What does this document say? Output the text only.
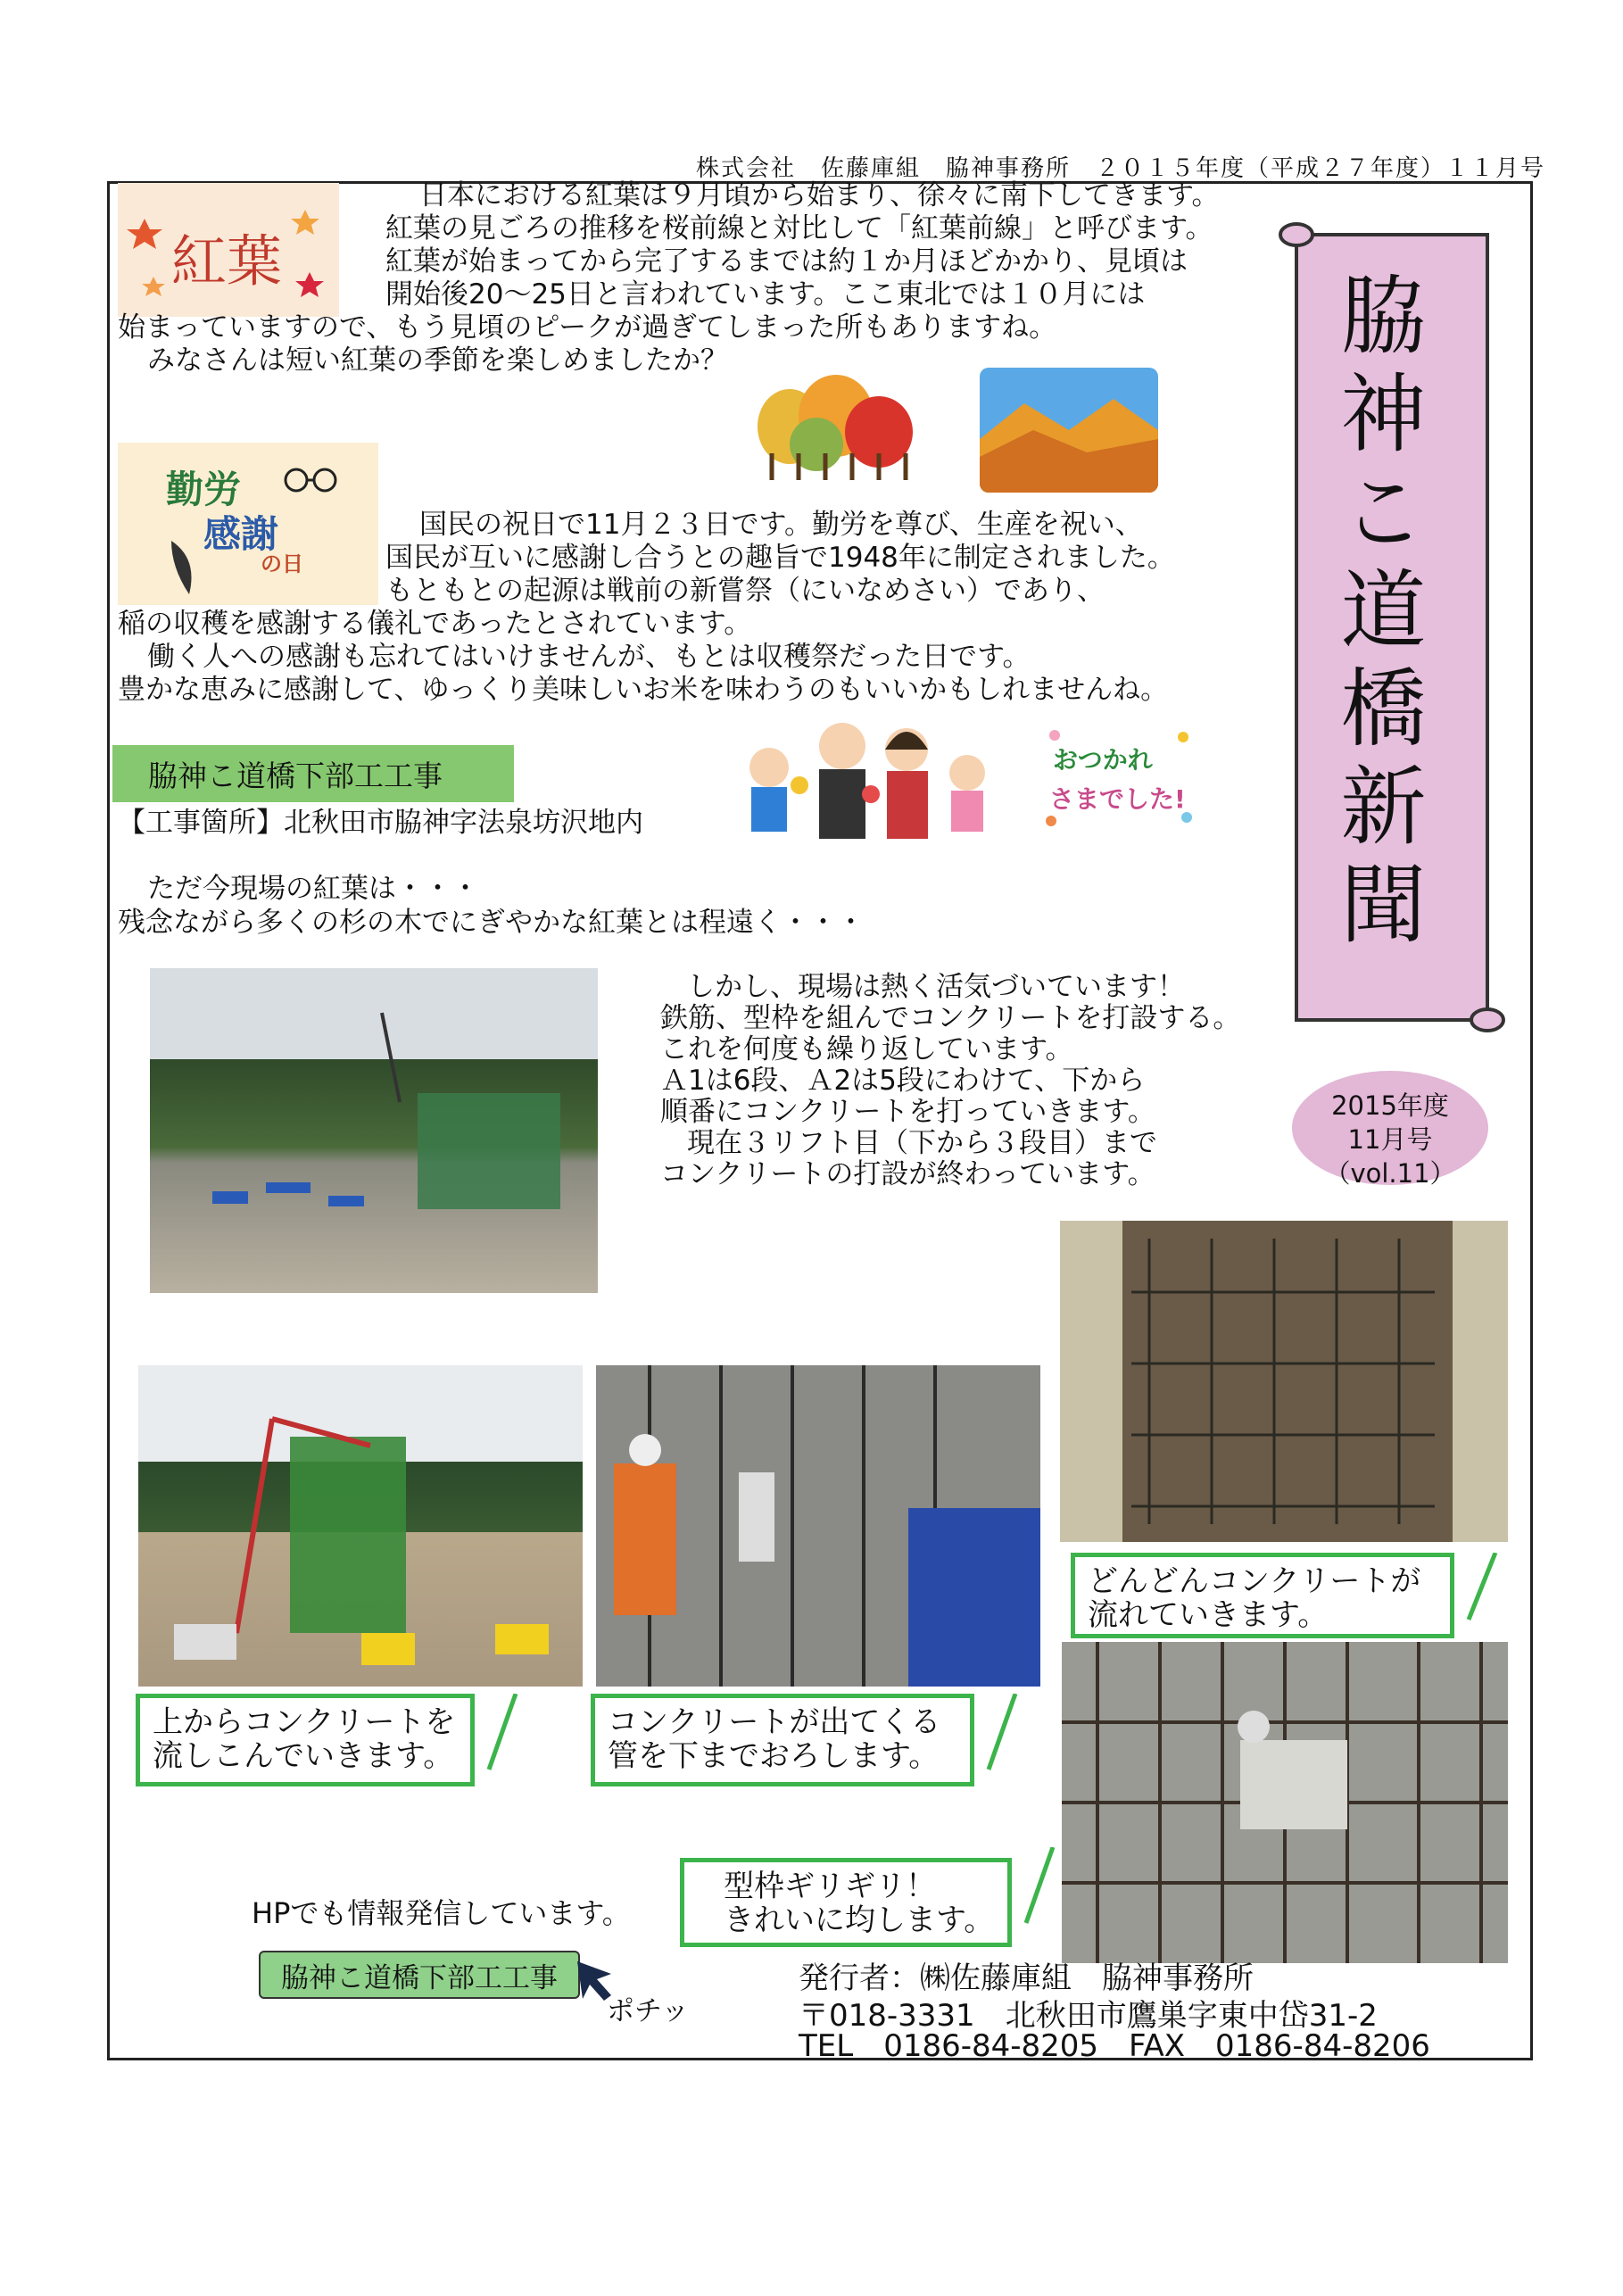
株式会社　佐藤庫組　脇神事務所　２０１５年度（平成２７年度）１１月号
紅葉

日本における紅葉は９月頃から始まり、徐々に南下してきます。

紅葉の見ごろの推移を桜前線と対比して「紅葉前線」と呼びます。

紅葉が始まってから完了するまでは約１か月ほどかかり、見頃は

開始後20～25日と言われています。ここ東北では１０月には

始まっていますので、もう見頃のピークが過ぎてしまった所もありますね。

みなさんは短い紅葉の季節を楽しめましたか？

勤労
感謝
の日

国民の祝日で11月２３日です。勤労を尊び、生産を祝い、

国民が互いに感謝し合うとの趣旨で1948年に制定されました。

もともとの起源は戦前の新嘗祭（にいなめさい）であり、

稲の収穫を感謝する儀礼であったとされています。

働く人への感謝も忘れてはいけませんが、もとは収穫祭だった日です。

豊かな恵みに感謝して、ゆっくり美味しいお米を味わうのもいいかもしれませんね。

おつかれ
さまでした!
脇神こ道橋下部工工事
【工事箇所】北秋田市脇神字法泉坊沢地内
ただ今現場の紅葉は・・・
残念ながら多くの杉の木でにぎやかな紅葉とは程遠く・・・

しかし、現場は熱く活気づいています！

鉄筋、型枠を組んでコンクリートを打設する。

これを何度も繰り返しています。

Ａ1は6段、Ａ2は5段にわけて、下から

順番にコンクリートを打っていきます。

現在３リフト目（下から３段目）まで

コンクリートの打設が終わっています。

脇神こ道橋新聞
2015年度
11月号（vol.11）
どんどんコンクリートが
流れていきます。
上からコンクリートを
流しこんでいきます。
コンクリートが出てくる
管を下までおろします。
型枠ギリギリ！
きれいに均します。
HPでも情報発信しています。
脇神こ道橋下部工工事
ポチッ
発行者：㈱佐藤庫組　脇神事務所
〒018-3331　北秋田市鷹巣字東中岱31-2
TEL　0186-84-8205　FAX　0186-84-8206
